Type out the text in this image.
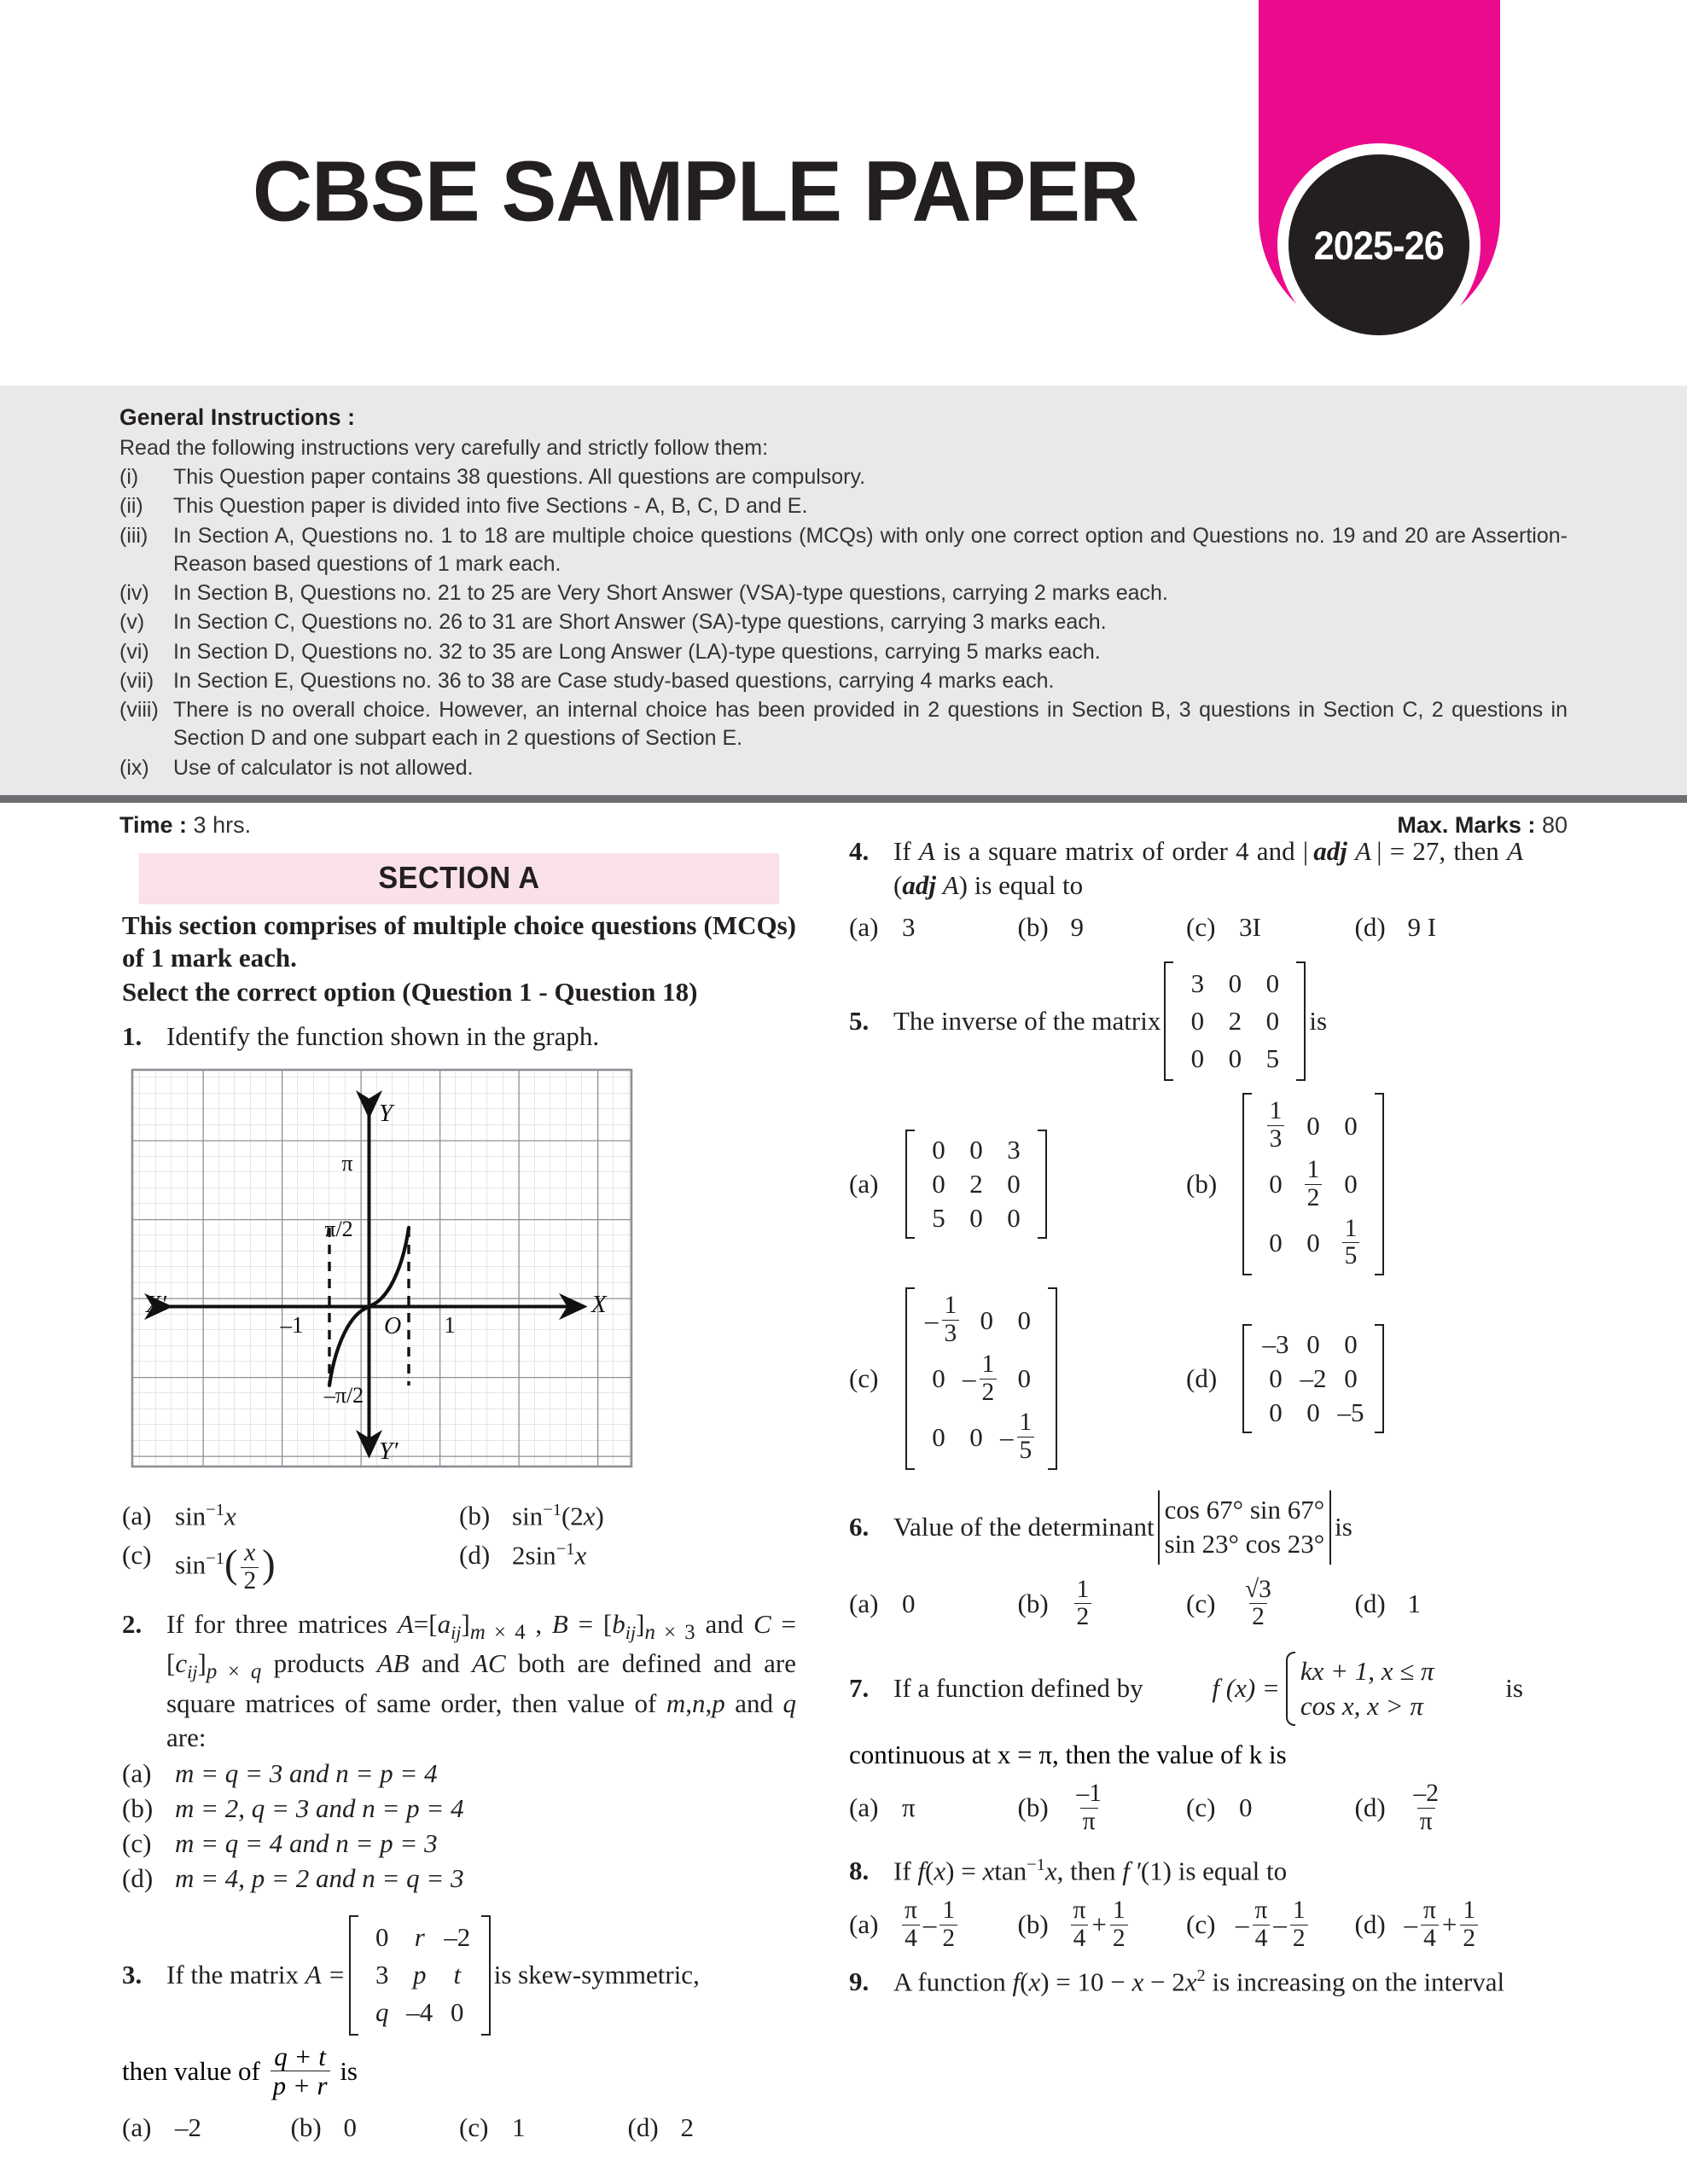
2025-26
CBSE SAMPLE PAPER
General Instructions :
Read the following instructions very carefully and strictly follow them:
(i)	This Question paper contains 38 questions. All questions are compulsory.
(ii)	This Question paper is divided into five Sections - A, B, C, D and E.
(iii)	In Section A, Questions no. 1 to 18 are multiple choice questions (MCQs) with only one correct option and Questions no. 19 and 20 are Assertion-Reason based questions of 1 mark each.
(iv)	In Section B, Questions no. 21 to 25 are Very Short Answer (VSA)-type questions, carrying 2 marks each.
(v)	In Section C, Questions no. 26 to 31 are Short Answer (SA)-type questions, carrying 3 marks each.
(vi)	In Section D, Questions no. 32 to 35 are Long Answer (LA)-type questions, carrying 5 marks each.
(vii) In Section E, Questions no. 36 to 38 are Case study-based questions, carrying 4 marks each.
(viii) There is no overall choice. However, an internal choice has been provided in 2 questions in Section B, 3 questions in Section C, 2 questions in Section D and one subpart each in 2 questions of Section E.
(ix)	Use of calculator is not allowed.
Time : 3 hrs.	Max. Marks : 80
SECTION A
This section comprises of multiple choice questions (MCQs) of 1 mark each.
Select the correct option (Question 1 - Question 18)
1. Identify the function shown in the graph.
π
π/2
–π/2
–1	1
O
X
X′
Y
Y′
(a) $\sin^{-1}x$	(b) $\sin^{-1}(2x)$
(c) $\sin^{-1}( \frac{x}{2}$ )	(d) $2\sin^{-1}x$
2. If for three matrices $A=[a_{ij}]_{m \times 4}$ , $B = [b_{ij}]_{n \times 3}$ and $C = [c_{ij}]_{p \times q}$ products AB and AC both are defined and are square matrices of same order, then value of m,n,p and q are:
(a) m = q = 3 and n = p = 4
(b) m = 2, q = 3 and n = p = 4
(c) m = q = 4 and n = p = 3
(d) m = 4, p = 2 and n = q = 3
3. If the matrix
A =
0 r –2
3 p	t
q –4 0
is skew-symmetric,
then value of
$\frac{q + t}{p + r}$
is
(a) –2	(b) 0	(c) 1	(d) 2
4. If A is a square matrix of order 4 and | adj A | = 27, then A (adj A) is equal to
(a) 3	(b) 9	(c) 3I	(d) 9 I
5. The inverse of the matrix
3 0 0
0 2 0
0 0 5
is
(a)
0 0 3
0 2 0
5 0 0
(b)
$\frac{1}{3} 0$ 0
$0 \frac{1}{2} 0$
0 $0 \frac{1}{5}$
(c)
– $\frac{1}{3} 0$ 0
$0 - \frac{1}{2} 0$
0 $0 - \frac{1}{5}$
(d)
–3 0 0
0 –2 0
0 0 –5
6. Value of the determinant
cos 67° sin 67°
sin 23° cos 23°
is
(a) 0	(b)	$\frac{1}{2}$	(c)	$\frac{√3}{2}$	(d) 1
7. If a function defined by	f (x) =
kx + 1, x ≤ π
cos x, x > π
is
continuous at x = π, then the value of k is
(a) π	(b)	$\frac{-1}{\pi}$	(c) 0	(d)	$\frac{-2}{\pi}$
8. If f(x) = xtan$^{-1}$x, then f ′(1) is equal to
$(a) \frac{\pi}{4} - \frac{1}{2} (b) \frac{\pi}{4} + \frac{1}{2} (c) - \frac{\pi}{4} - \frac{1}{2} (d) - \frac{\pi}{4} + \frac{1}{2}$
9. A function $f(x) = 10 - x - 2x^2$ is increasing on the interval
